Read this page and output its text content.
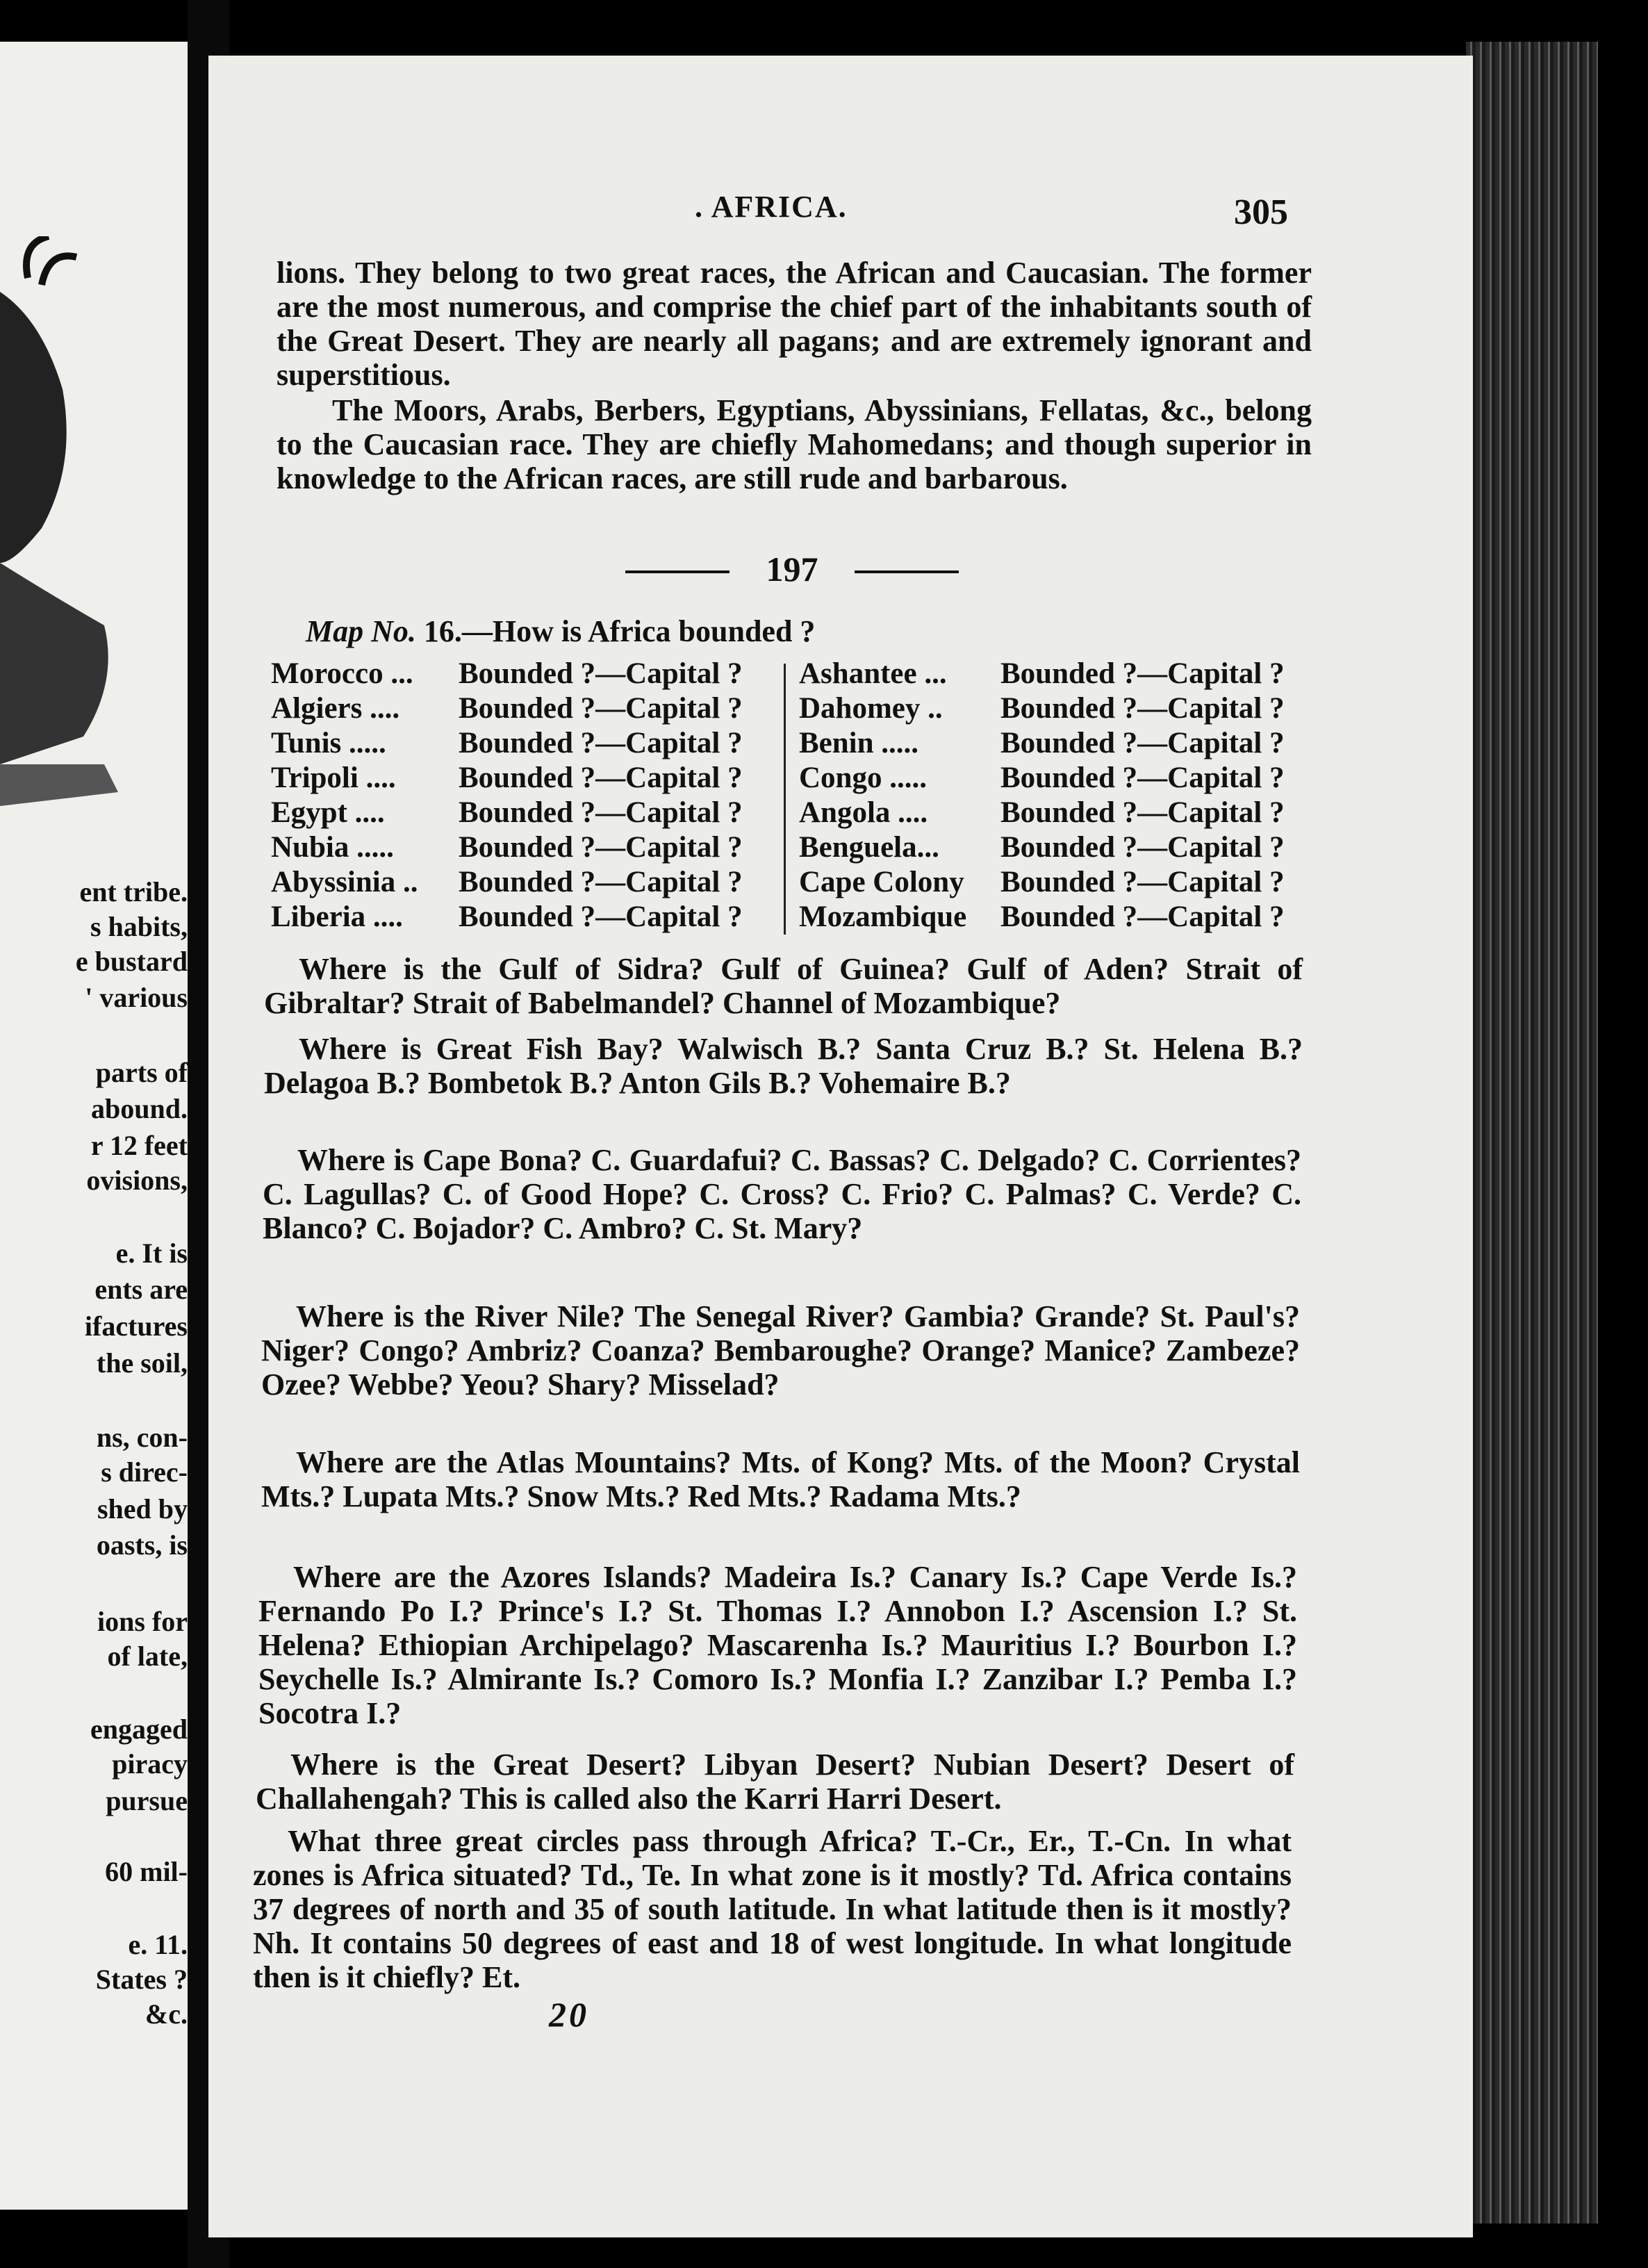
ent tribe.
s habits,
e bustard
' various
parts of
abound.
r 12 feet
ovisions,
e. It is
ents are
ifactures
the soil,
ns, con-
s direc-
shed by
oasts, is
ions for
of late,
engaged
piracy
pursue
60 mil-
e. 11.
States ?
&c.
. AFRICA.	305
lions. They belong to two great races, the African and Caucasian. The former are the most numerous, and comprise the chief part of the inhabitants south of the Great Desert. They are nearly all pagans; and are extremely ignorant and superstitious.
The Moors, Arabs, Berbers, Egyptians, Abyssinians, Fellatas, &c., belong to the Caucasian race. They are chiefly Mahomedans; and though superior in knowledge to the African races, are still rude and barbarous.
197
Map No. 16.—How is Africa bounded ?
Morocco ...	Bounded ?—Capital ?
Algiers ....	Bounded ?—Capital ?
Tunis .....	Bounded ?—Capital ?
Tripoli ....	Bounded ?—Capital ?
Egypt ....	Bounded ?—Capital ?
Nubia .....	Bounded ?—Capital ?
Abyssinia ..	Bounded ?—Capital ?
Liberia ....	Bounded ?—Capital ?
Ashantee ...	Bounded ?—Capital ?
Dahomey ..	Bounded ?—Capital ?
Benin .....	Bounded ?—Capital ?
Congo .....	Bounded ?—Capital ?
Angola ....	Bounded ?—Capital ?
Benguela...	Bounded ?—Capital ?
Cape Colony	Bounded ?—Capital ?
Mozambique	Bounded ?—Capital ?
Where is the Gulf of Sidra? Gulf of Guinea? Gulf of Aden? Strait of Gibraltar? Strait of Babelmandel? Channel of Mozambique?
Where is Great Fish Bay? Walwisch B.? Santa Cruz B.? St. Helena B.? Delagoa B.? Bombetok B.? Anton Gils B.? Vohemaire B.?
Where is Cape Bona? C. Guardafui? C. Bassas? C. Delgado? C. Corrientes? C. Lagullas? C. of Good Hope? C. Cross? C. Frio? C. Palmas? C. Verde? C. Blanco? C. Bojador? C. Ambro? C. St. Mary?
Where is the River Nile? The Senegal River? Gambia? Grande? St. Paul's? Niger? Congo? Ambriz? Coanza? Bembaroughe? Orange? Manice? Zambeze? Ozee? Webbe? Yeou? Shary? Misselad?
Where are the Atlas Mountains? Mts. of Kong? Mts. of the Moon? Crystal Mts.? Lupata Mts.? Snow Mts.? Red Mts.? Radama Mts.?
Where are the Azores Islands? Madeira Is.? Canary Is.? Cape Verde Is.? Fernando Po I.? Prince's I.? St. Thomas I.? Annobon I.? Ascension I.? St. Helena? Ethiopian Archipelago? Mascarenha Is.? Mauritius I.? Bourbon I.? Seychelle Is.? Almirante Is.? Comoro Is.? Monfia I.? Zanzibar I.? Pemba I.? Socotra I.?
Where is the Great Desert? Libyan Desert? Nubian Desert? Desert of Challahengah? This is called also the Karri Harri Desert.
What three great circles pass through Africa? T.-Cr., Er., T.-Cn. In what zones is Africa situated? Td., Te. In what zone is it mostly? Td. Africa contains 37 degrees of north and 35 of south latitude. In what latitude then is it mostly? Nh. It contains 50 degrees of east and 18 of west longitude. In what longitude then is it chiefly? Et.
20
